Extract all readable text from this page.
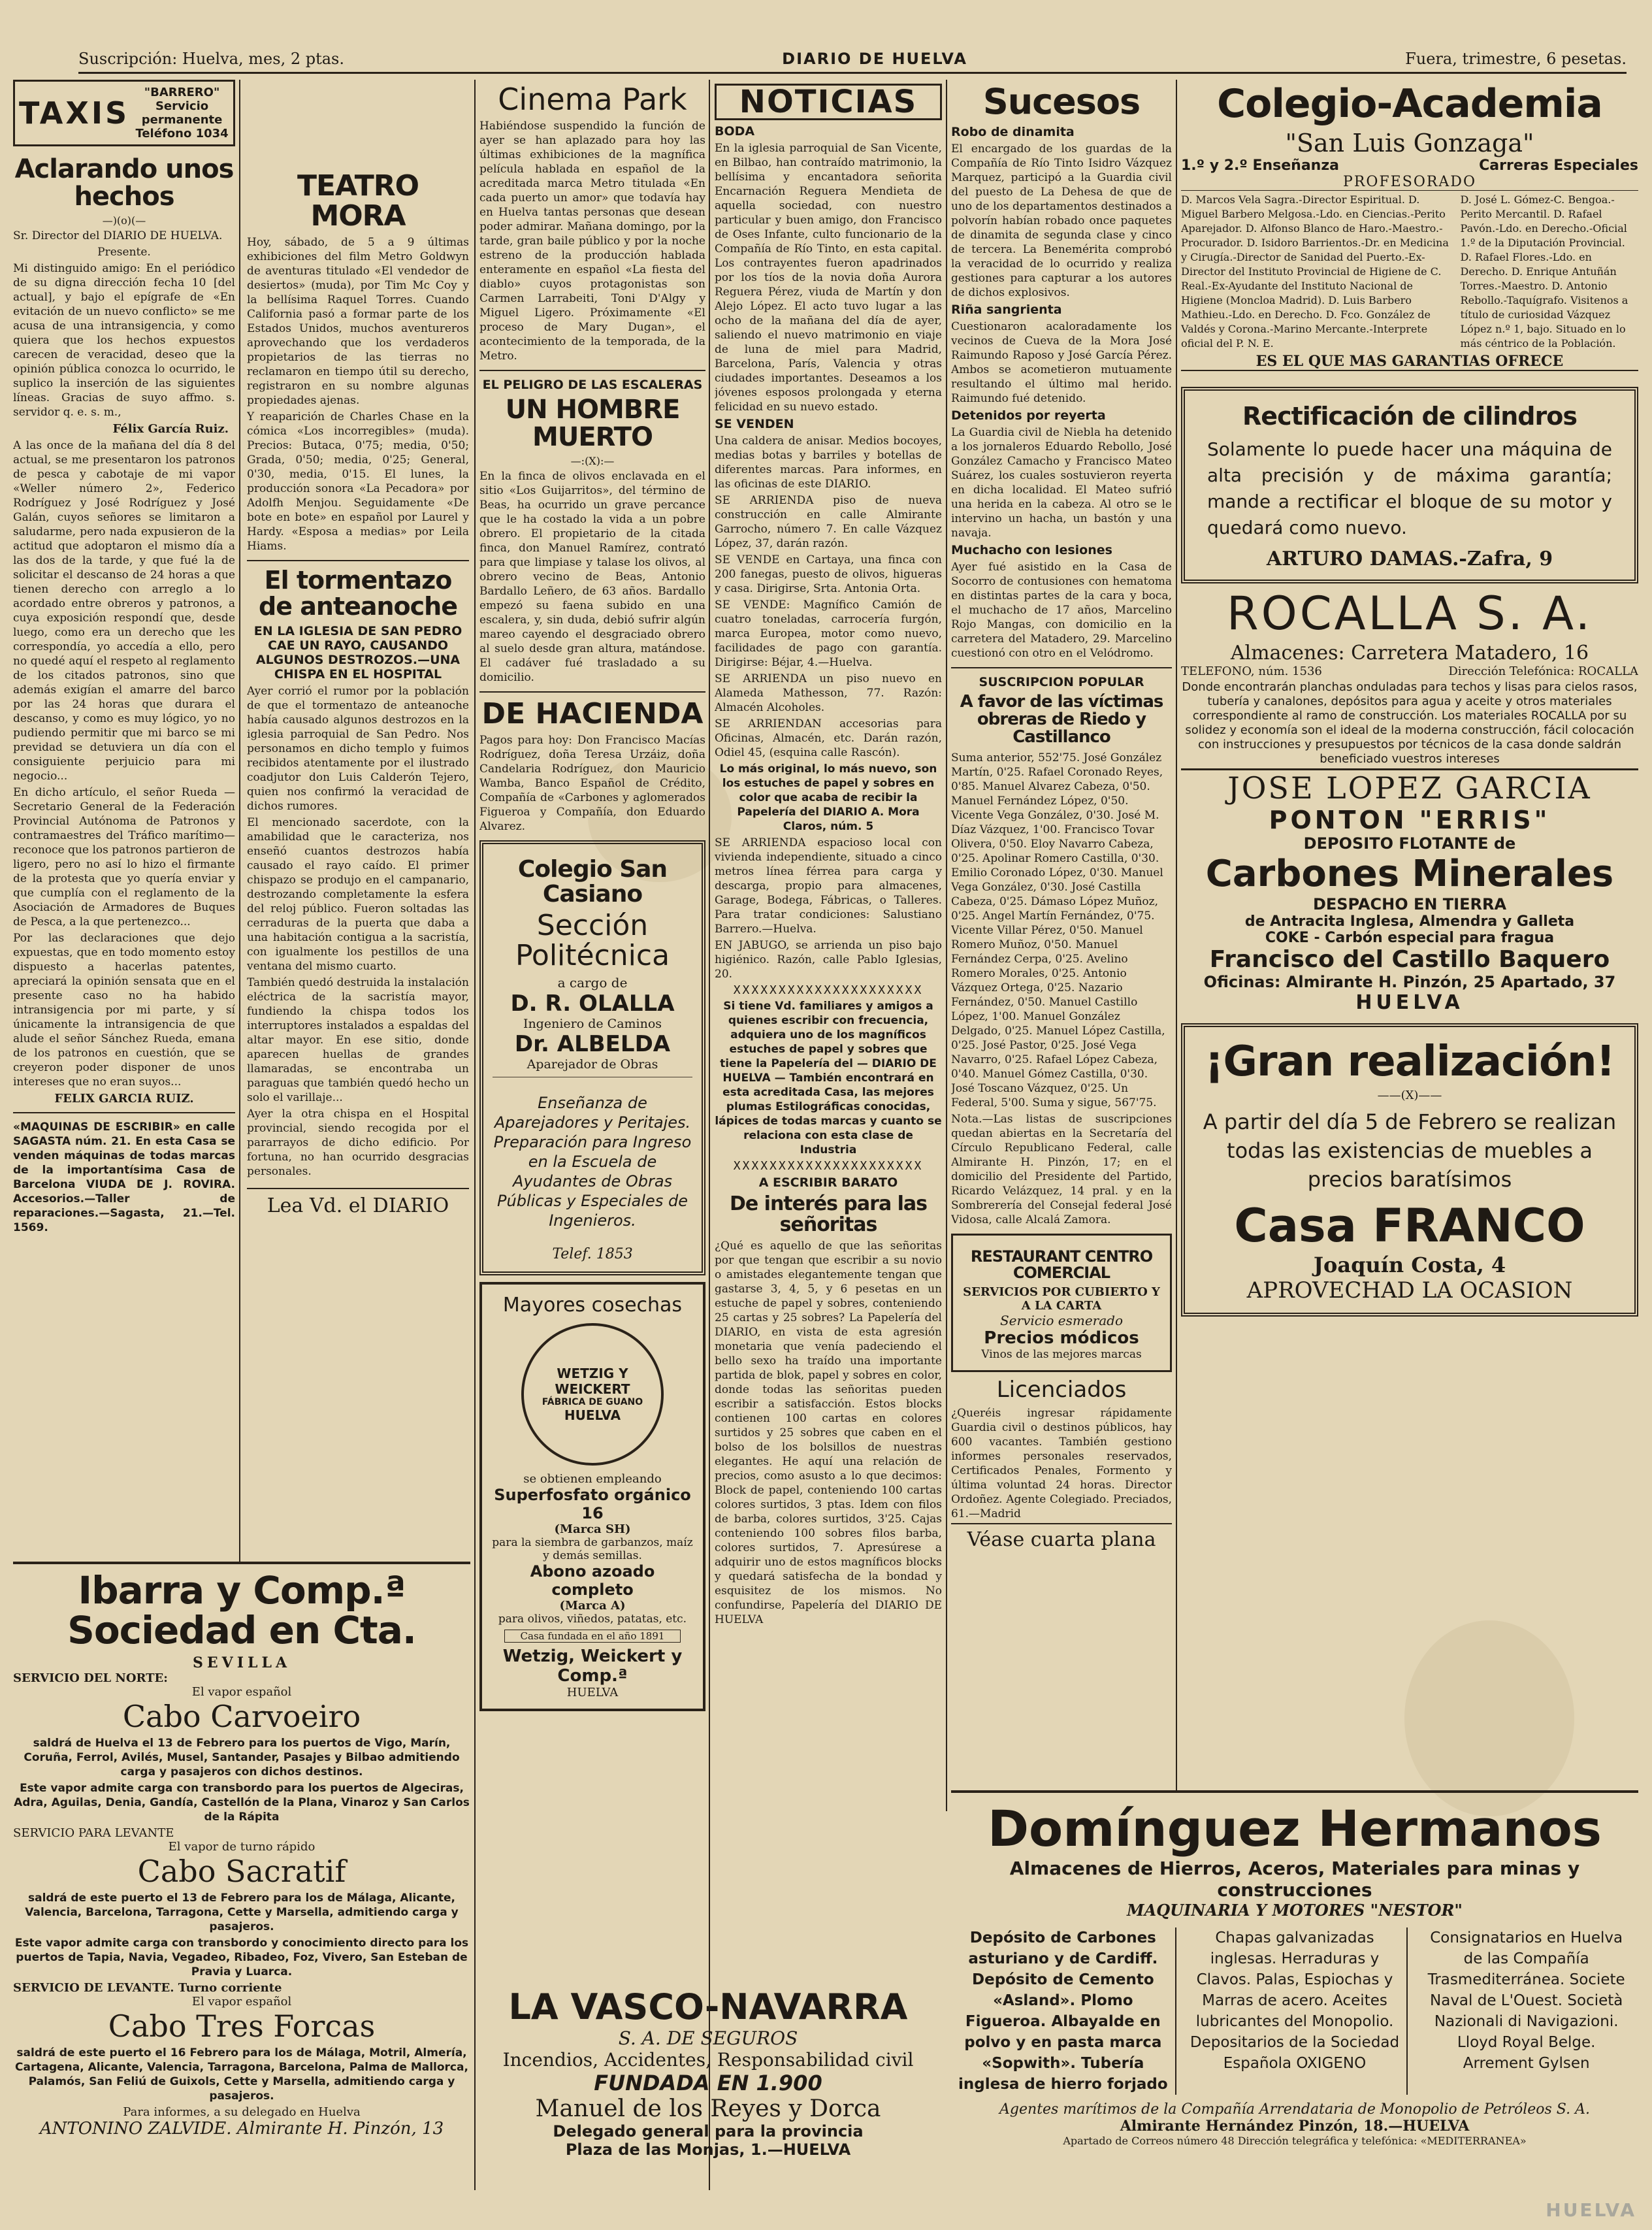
Suscripción: Huelva, mes, 2 ptas.	DIARIO DE HUELVA	Fuera, trimestre, 6 pesetas.
TAXIS
"BARRERO"
Servicio permanente
Teléfono 1034
Aclarando unos hechos
—)(o)(—

Sr. Director del DIARIO DE HUELVA.

Presente.

Mi distinguido amigo: En el periódico de su digna dirección fecha 10 [del actual], y bajo el epígrafe de «En evitación de un nuevo conflicto» se me acusa de una intransigencia, y como quiera que los hechos expuestos carecen de veracidad, deseo que la opinión pública conozca lo ocurrido, le suplico la inserción de las siguientes líneas. Gracias de suyo affmo. s. servidor q. e. s. m.,

Félix García Ruiz.

A las once de la mañana del día 8 del actual, se me presentaron los patronos de pesca y cabotaje de mi vapor «Weller número 2», Federico Rodríguez y José Rodríguez y José Galán, cuyos señores se limitaron a saludarme, pero nada expusieron de la actitud que adoptaron el mismo día a las dos de la tarde, y que fué la de solicitar el descanso de 24 horas a que tienen derecho con arreglo a lo acordado entre obreros y patronos, a cuya exposición respondí que, desde luego, como era un derecho que les correspondía, yo accedía a ello, pero no quedé aquí el respeto al reglamento de los citados patronos, sino que además exigían el amarre del barco por las 24 horas que durara el descanso, y como es muy lógico, yo no pudiendo permitir que mi barco se mi previdad se detuviera un día con el consiguiente perjuicio para mi negocio...

En dicho artículo, el señor Rueda —Secretario General de la Federación Provincial Autónoma de Patronos y contramaestres del Tráfico marítimo— reconoce que los patronos partieron de ligero, pero no así lo hizo el firmante de la protesta que yo quería enviar y que cumplía con el reglamento de la Asociación de Armadores de Buques de Pesca, a la que pertenezco...

Por las declaraciones que dejo expuestas, que en todo momento estoy dispuesto a hacerlas patentes, apreciará la opinión sensata que en el presente caso no ha habido intransigencia por mi parte, y sí únicamente la intransigencia de que alude el señor Sánchez Rueda, emana de los patronos en cuestión, que se creyeron poder disponer de unos intereses que no eran suyos...

FELIX GARCIA RUIZ.

«MAQUINAS DE ESCRIBIR» en calle SAGASTA núm. 21. En esta Casa se venden máquinas de todas marcas de la importantísima Casa de Barcelona VIUDA DE J. ROVIRA. Accesorios.—Taller de reparaciones.—Sagasta, 21.—Tel. 1569.

TEATRO MORA

Hoy, sábado, de 5 a 9 últimas exhibiciones del film Metro Goldwyn de aventuras titulado «El vendedor de desiertos» (muda), por Tim Mc Coy y la bellísima Raquel Torres. Cuando California pasó a formar parte de los Estados Unidos, muchos aventureros aprovechando que los verdaderos propietarios de las tierras no reclamaron en tiempo útil su derecho, registraron en su nombre algunas propiedades ajenas.

Y reaparición de Charles Chase en la cómica «Los incorregibles» (muda). Precios: Butaca, 0'75; media, 0'50; Grada, 0'50; media, 0'25; General, 0'30, media, 0'15. El lunes, la producción sonora «La Pecadora» por Adolfh Menjou. Seguidamente «De bote en bote» en español por Laurel y Hardy. «Esposa a medias» por Leila Hiams.

El tormentazo de anteanoche
EN LA IGLESIA DE SAN PEDRO CAE UN RAYO, CAUSANDO ALGUNOS DESTROZOS.—UNA CHISPA EN EL HOSPITAL

Ayer corrió el rumor por la población de que el tormentazo de anteanoche había causado algunos destrozos en la iglesia parroquial de San Pedro. Nos personamos en dicho templo y fuimos recibidos atentamente por el ilustrado coadjutor don Luis Calderón Tejero, quien nos confirmó la veracidad de dichos rumores.

El mencionado sacerdote, con la amabilidad que le caracteriza, nos enseñó cuantos destrozos había causado el rayo caído. El primer chispazo se produjo en el campanario, destrozando completamente la esfera del reloj público. Fueron soltadas las cerraduras de la puerta que daba a una habitación contigua a la sacristía, con igualmente los pestillos de una ventana del mismo cuarto.

También quedó destruida la instalación eléctrica de la sacristía mayor, fundiendo la chispa todos los interruptores instalados a espaldas del altar mayor. En ese sitio, donde aparecen huellas de grandes llamaradas, se encontraba un paraguas que también quedó hecho un solo el varillaje...

Ayer la otra chispa en el Hospital provincial, siendo recogida por el pararrayos de dicho edificio. Por fortuna, no han ocurrido desgracias personales.

Lea Vd. el DIARIO
Cinema Park

Habiéndose suspendido la función de ayer se han aplazado para hoy las últimas exhibiciones de la magnífica película hablada en español de la acreditada marca Metro titulada «En cada puerto un amor» que todavía hay en Huelva tantas personas que desean poder admirar. Mañana domingo, por la tarde, gran baile público y por la noche estreno de la producción hablada enteramente en español «La fiesta del diablo» cuyos protagonistas son Carmen Larrabeiti, Toni D'Algy y Miguel Ligero. Próximamente «El proceso de Mary Dugan», el acontecimiento de la temporada, de la Metro.

EL PELIGRO DE LAS ESCALERAS
UN HOMBRE MUERTO
—:(X):—

En la finca de olivos enclavada en el sitio «Los Guijarritos», del término de Beas, ha ocurrido un grave percance que le ha costado la vida a un pobre obrero. El propietario de la citada finca, don Manuel Ramírez, contrató para que limpiase y talase los olivos, al obrero vecino de Beas, Antonio Bardallo Leñero, de 63 años. Bardallo empezó su faena subido en una escalera, y, sin duda, debió sufrir algún mareo cayendo el desgraciado obrero al suelo desde gran altura, matándose. El cadáver fué trasladado a su domicilio.

DE HACIENDA

Pagos para hoy: Don Francisco Macías Rodríguez, doña Teresa Urzáiz, doña Candelaria Rodríguez, don Mauricio Wamba, Banco Español de Crédito, Compañía de «Carbones y aglomerados Figueroa y Compañía, don Eduardo Alvarez.

Colegio San Casiano
Sección Politécnica
a cargo de
D. R. OLALLA
Ingeniero de Caminos
Dr. ALBELDA
Aparejador de Obras

Enseñanza de Aparejadores y Peritajes. Preparación para Ingreso en la Escuela de Ayudantes de Obras Públicas y Especiales de Ingenieros.

Telef. 1853
Mayores cosechas
WETZIG Y WEICKERT
FÁBRICA DE GUANO
HUELVA
se obtienen empleando
Superfosfato orgánico 16
(Marca SH)
para la siembra de garbanzos, maíz y demás semillas.
Abono azoado completo
(Marca A)
para olivos, viñedos, patatas, etc.
Casa fundada en el año 1891
Wetzig, Weickert y Comp.ª
HUELVA
NOTICIAS
BODA

En la iglesia parroquial de San Vicente, en Bilbao, han contraído matrimonio, la bellísima y encantadora señorita Encarnación Reguera Mendieta de aquella sociedad, con nuestro particular y buen amigo, don Francisco de Oses Infante, culto funcionario de la Compañía de Río Tinto, en esta capital. Los contrayentes fueron apadrinados por los tíos de la novia doña Aurora Reguera Pérez, viuda de Martín y don Alejo López. El acto tuvo lugar a las ocho de la mañana del día de ayer, saliendo el nuevo matrimonio en viaje de luna de miel para Madrid, Barcelona, París, Valencia y otras ciudades importantes. Deseamos a los jóvenes esposos prolongada y eterna felicidad en su nuevo estado.

SE VENDEN

Una caldera de anisar. Medios bocoyes, medias botas y barriles y botellas de diferentes marcas. Para informes, en las oficinas de este DIARIO.

SE ARRIENDA piso de nueva construcción en calle Almirante Garrocho, número 7. En calle Vázquez López, 37, darán razón.

SE VENDE en Cartaya, una finca con 200 fanegas, puesto de olivos, higueras y casa. Dirigirse, Srta. Antonia Orta.

SE VENDE: Magnífico Camión de cuatro toneladas, carrocería furgón, marca Europea, motor como nuevo, facilidades de pago con garantía. Dirigirse: Béjar, 4.—Huelva.

SE ARRIENDA un piso nuevo en Alameda Mathesson, 77. Razón: Almacén Alcoholes.

SE ARRIENDAN accesorias para Oficinas, Almacén, etc. Darán razón, Odiel 45, (esquina calle Rascón).

Lo más original, lo más nuevo, son los estuches de papel y sobres en color que acaba de recibir la Papelería del DIARIO A. Mora Claros, núm. 5

SE ARRIENDA espacioso local con vivienda independiente, situado a cinco metros línea férrea para carga y descarga, propio para almacenes, Garage, Bodega, Fábricas, o Talleres. Para tratar condiciones: Salustiano Barrero.—Huelva.

EN JABUGO, se arrienda un piso bajo higiénico. Razón, calle Pablo Iglesias, 20.

XXXXXXXXXXXXXXXXXXXXX

Si tiene Vd. familiares y amigos a quienes escribir con frecuencia, adquiera uno de los magníficos estuches de papel y sobres que tiene la Papelería del — DIARIO DE HUELVA — También encontrará en esta acreditada Casa, las mejores plumas Estilográficas conocidas, lápices de todas marcas y cuanto se relaciona con esta clase de Industria

XXXXXXXXXXXXXXXXXXXXX
A ESCRIBIR BARATO
De interés para las señoritas

¿Qué es aquello de que las señoritas por que tengan que escribir a su novio o amistades elegantemente tengan que gastarse 3, 4, 5, y 6 pesetas en un estuche de papel y sobres, conteniendo 25 cartas y 25 sobres? La Papelería del DIARIO, en vista de esta agresión monetaria que venía padeciendo el bello sexo ha traído una importante partida de blok, papel y sobres en color, donde todas las señoritas pueden escribir a satisfacción. Estos blocks contienen 100 cartas en colores surtidos y 25 sobres que caben en el bolso de los bolsillos de nuestras elegantes. He aquí una relación de precios, como asusto a lo que decimos: Block de papel, conteniendo 100 cartas colores surtidos, 3 ptas. Idem con filos de barba, colores surtidos, 3'25. Cajas conteniendo 100 sobres filos barba, colores surtidos, 7. Apresúrese a adquirir uno de estos magníficos blocks y quedará satisfecha de la bondad y esquisitez de los mismos. No confundirse, Papelería del DIARIO DE HUELVA

Sucesos
Robo de dinamita

El encargado de los guardas de la Compañía de Río Tinto Isidro Vázquez Marquez, participó a la Guardia civil del puesto de La Dehesa de que de uno de los departamentos destinados a polvorín habían robado once paquetes de dinamita de segunda clase y cinco de tercera. La Benemérita comprobó la veracidad de lo ocurrido y realiza gestiones para capturar a los autores de dichos explosivos.

Riña sangrienta

Cuestionaron acaloradamente los vecinos de Cueva de la Mora José Raimundo Raposo y José García Pérez. Ambos se acometieron mutuamente resultando el último mal herido. Raimundo fué detenido.

Detenidos por reyerta

La Guardia civil de Niebla ha detenido a los jornaleros Eduardo Rebollo, José González Camacho y Francisco Mateo Suárez, los cuales sostuvieron reyerta en dicha localidad. El Mateo sufrió una herida en la cabeza. Al otro se le intervino un hacha, un bastón y una navaja.

Muchacho con lesiones

Ayer fué asistido en la Casa de Socorro de contusiones con hematoma en distintas partes de la cara y boca, el muchacho de 17 años, Marcelino Rojo Mangas, con domicilio en la carretera del Matadero, 29. Marcelino cuestionó con otro en el Velódromo.

SUSCRIPCION POPULAR
A favor de las víctimas obreras de Riedo y Castillanco

Suma anterior, 552'75. José González Martín, 0'25. Rafael Coronado Reyes, 0'85. Manuel Alvarez Cabeza, 0'50. Manuel Fernández López, 0'50. Vicente Vega González, 0'30. José M. Díaz Vázquez, 1'00. Francisco Tovar Olivera, 0'50. Eloy Navarro Cabeza, 0'25. Apolinar Romero Castilla, 0'30. Emilio Coronado López, 0'30. Manuel Vega González, 0'30. José Castilla Cabeza, 0'25. Dámaso López Muñoz, 0'25. Angel Martín Fernández, 0'75. Vicente Villar Pérez, 0'50. Manuel Romero Muñoz, 0'50. Manuel Fernández Cerpa, 0'25. Avelino Romero Morales, 0'25. Antonio Vázquez Ortega, 0'25. Nazario Fernández, 0'50. Manuel Castillo López, 1'00. Manuel González Delgado, 0'25. Manuel López Castilla, 0'25. José Pastor, 0'25. José Vega Navarro, 0'25. Rafael López Cabeza, 0'40. Manuel Gómez Castilla, 0'30. José Toscano Vázquez, 0'25. Un Federal, 5'00. Suma y sigue, 567'75.

Nota.—Las listas de suscripciones quedan abiertas en la Secretaría del Círculo Republicano Federal, calle Almirante H. Pinzón, 17; en el domicilio del Presidente del Partido, Ricardo Velázquez, 14 pral. y en la Sombrerería del Consejal federal José Vidosa, calle Alcalá Zamora.

RESTAURANT CENTRO COMERCIAL
SERVICIOS POR CUBIERTO Y A LA CARTA
Servicio esmerado
Precios módicos
Vinos de las mejores marcas
Licenciados

¿Queréis ingresar rápidamente Guardia civil o destinos públicos, hay 600 vacantes. También gestiono informes personales reservados, Certificados Penales, Formento y última voluntad 24 horas. Director Ordoñez. Agente Colegiado. Preciados, 61.—Madrid

Véase cuarta plana
Colegio-Academia
"San Luis Gonzaga"
1.º y 2.º Enseñanza	Carreras Especiales
PROFESORADO

D. Marcos Vela Sagra.-Director Espiritual. D. Miguel Barbero Melgosa.-Ldo. en Ciencias.-Perito Aparejador. D. Alfonso Blanco de Haro.-Maestro.-Procurador. D. Isidoro Barrientos.-Dr. en Medicina y Cirugía.-Director de Sanidad del Puerto.-Ex-Director del Instituto Provincial de Higiene de C. Real.-Ex-Ayudante del Instituto Nacional de Higiene (Moncloa Madrid). D. Luis Barbero Mathieu.-Ldo. en Derecho. D. Fco. González de Valdés y Corona.-Marino Mercante.-Interprete oficial del P. N. E.

D. José L. Gómez-C. Bengoa.-Perito Mercantil. D. Rafael Pavón.-Ldo. en Derecho.-Oficial 1.º de la Diputación Provincial. D. Rafael Flores.-Ldo. en Derecho. D. Enrique Antuñán Torres.-Maestro. D. Antonio Rebollo.-Taquígrafo. Visitenos a título de curiosidad Vázquez López n.º 1, bajo. Situado en lo más céntrico de la Población.

ES EL QUE MAS GARANTIAS OFRECE
Rectificación de cilindros

Solamente lo puede hacer una máquina de alta precisión y de máxima garantía; mande a rectificar el bloque de su motor y quedará como nuevo.

ARTURO DAMAS.-Zafra, 9
ROCALLA S. A.
Almacenes: Carretera Matadero, 16
TELEFONO, núm. 1536	Dirección Telefónica: ROCALLA

Donde encontrarán planchas onduladas para techos y lisas para cielos rasos, tubería y canalones, depósitos para agua y aceite y otros materiales correspondiente al ramo de construcción. Los materiales ROCALLA por su solidez y economía son el ideal de la moderna construcción, fácil colocación con instrucciones y presupuestos por técnicos de la casa donde saldrán beneficiado vuestros intereses

JOSE LOPEZ GARCIA
PONTON "ERRIS"
DEPOSITO FLOTANTE de
Carbones Minerales
DESPACHO EN TIERRA
de Antracita Inglesa, Almendra y Galleta
COKE - Carbón especial para fragua
Francisco del Castillo Baquero
Oficinas: Almirante H. Pinzón, 25 Apartado, 37
HUELVA
¡Gran realización!
——(X)——

A partir del día 5 de Febrero se realizan todas las existencias de muebles a precios baratísimos

Casa FRANCO
Joaquín Costa, 4
APROVECHAD LA OCASION
Ibarra y Comp.ª Sociedad en Cta.
SEVILLA
SERVICIO DEL NORTE:
El vapor español
Cabo Carvoeiro

saldrá de Huelva el 13 de Febrero para los puertos de Vigo, Marín, Coruña, Ferrol, Avilés, Musel, Santander, Pasajes y Bilbao admitiendo carga y pasajeros con dichos destinos.

Este vapor admite carga con transbordo para los puertos de Algeciras, Adra, Aguilas, Denia, Gandía, Castellón de la Plana, Vinaroz y San Carlos de la Rápita

SERVICIO PARA LEVANTE
El vapor de turno rápido
Cabo Sacratif

saldrá de este puerto el 13 de Febrero para los de Málaga, Alicante, Valencia, Barcelona, Tarragona, Cette y Marsella, admitiendo carga y pasajeros.

Este vapor admite carga con transbordo y conocimiento directo para los puertos de Tapia, Navia, Vegadeo, Ribadeo, Foz, Vivero, San Esteban de Pravia y Luarca.

SERVICIO DE LEVANTE. Turno corriente
El vapor español
Cabo Tres Forcas

saldrá de este puerto el 16 Febrero para los de Málaga, Motril, Almería, Cartagena, Alicante, Valencia, Tarragona, Barcelona, Palma de Mallorca, Palamós, San Feliú de Guixols, Cette y Marsella, admitiendo carga y pasajeros.

Para informes, a su delegado en Huelva
ANTONINO ZALVIDE. Almirante H. Pinzón, 13
LA VASCO-NAVARRA
S. A. DE SEGUROS
Incendios, Accidentes, Responsabilidad civil
FUNDADA EN 1.900
Manuel de los Reyes y Dorca
Delegado general para la provincia
Plaza de las Monjas, 1.—HUELVA
Domínguez Hermanos
Almacenes de Hierros, Aceros, Materiales para minas y construcciones
MAQUINARIA Y MOTORES "NESTOR"

Depósito de Carbones asturiano y de Cardiff. Depósito de Cemento «Asland». Plomo Figueroa. Albayalde en polvo y en pasta marca «Sopwith». Tubería inglesa de hierro forjado

Chapas galvanizadas inglesas. Herraduras y Clavos. Palas, Espiochas y Marras de acero. Aceites lubricantes del Monopolio. Depositarios de la Sociedad Española OXIGENO

Consignatarios en Huelva de las Compañía Trasmediterránea. Societe Naval de L'Ouest. Società Nazionali di Navigazioni. Lloyd Royal Belge. Arrement Gylsen

Agentes marítimos de la Compañía Arrendataria de Monopolio de Petróleos S. A.
Almirante Hernández Pinzón, 18.—HUELVA
Apartado de Correos número 48 Dirección telegráfica y telefónica: «MEDITERRANEA»
HUELVA
